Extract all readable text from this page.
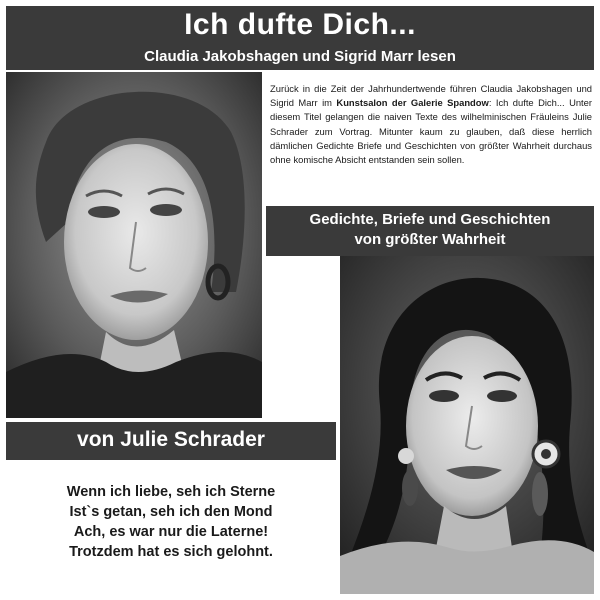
Ich dufte Dich...
Claudia Jakobshagen und Sigrid Marr lesen
Zurück in die Zeit der Jahrhundertwende führen Claudia Jakobshagen und Sigrid Marr im Kunstsalon der Galerie Spandow: Ich dufte Dich... Unter diesem Titel gelangen die naiven Texte des wilhelminischen Fräuleins Julie Schrader zum Vortrag. Mitunter kaum zu glauben, daß diese herrlich dämlichen Gedichte Briefe und Geschichten von größter Wahrheit durchaus ohne komische Absicht entstanden sein sollen.
Gedichte, Briefe und Geschichten
von größter Wahrheit
von Julie Schrader
Wenn ich liebe, seh ich Sterne
Ist`s getan, seh ich den Mond
Ach, es war nur die Laterne!
Trotzdem hat es sich gelohnt.
